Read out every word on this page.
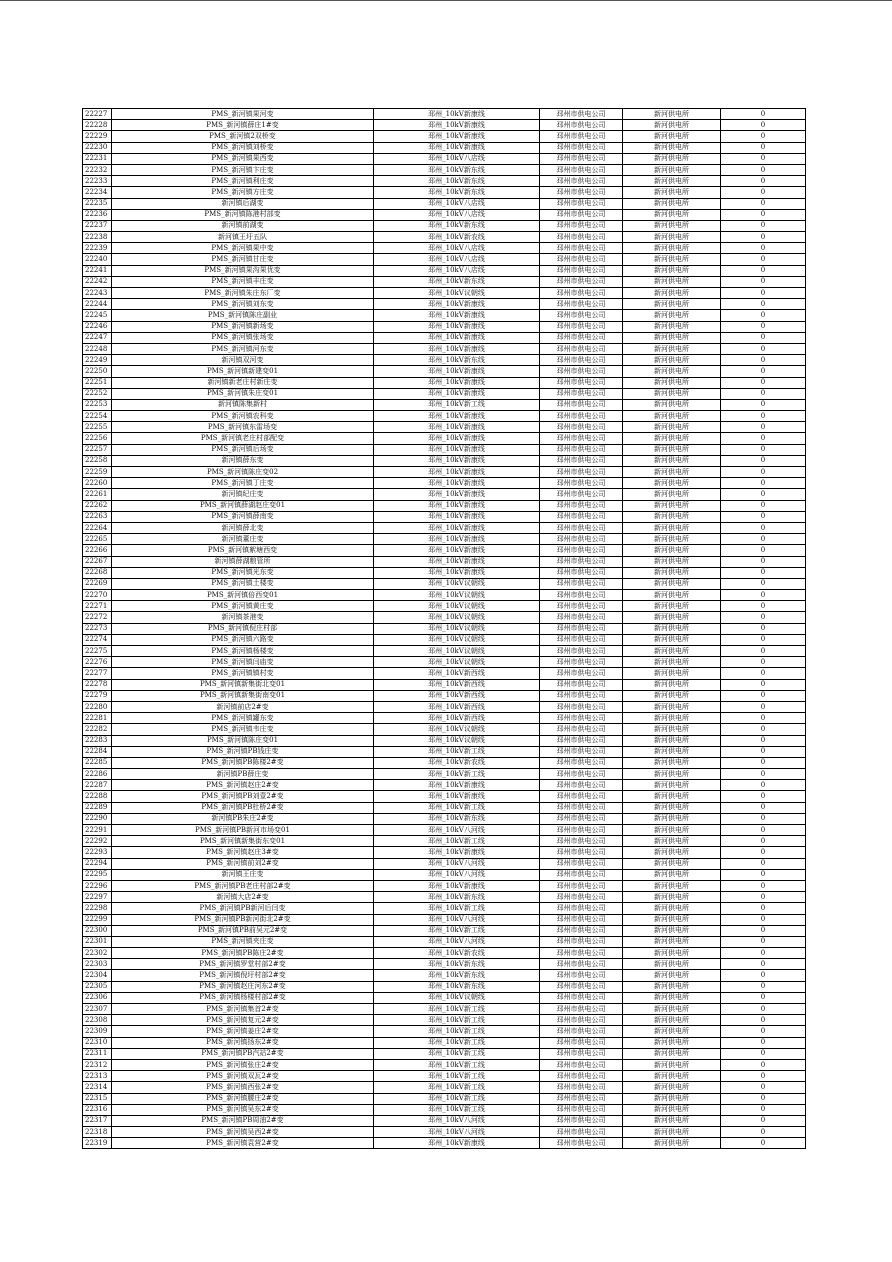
22227	PMS_新河镇果河变	邳州_10kV新康线	邳州市供电公司	新河供电所	0
22228	PMS_新河镇薛庄1#变	邳州_10kV新康线	邳州市供电公司	新河供电所	0
22229	PMS_新河镇2双桥变	邳州_10kV新康线	邳州市供电公司	新河供电所	0
22230	PMS_新河镇刘桥变	邳州_10kV新康线	邳州市供电公司	新河供电所	0
22231	PMS_新河镇果西变	邳州_10kV八店线	邳州市供电公司	新河供电所	0
22232	PMS_新河镇卞庄变	邳州_10kV新东线	邳州市供电公司	新河供电所	0
22233	PMS_新河镇利庄变	邳州_10kV新东线	邳州市供电公司	新河供电所	0
22234	PMS_新河镇方庄变	邳州_10kV新东线	邳州市供电公司	新河供电所	0
22235	新河镇后湖变	邳州_10kV八店线	邳州市供电公司	新河供电所	0
22236	PMS_新河镇陈港村部变	邳州_10kV八店线	邳州市供电公司	新河供电所	0
22237	新河镇前湖变	邳州_10kV新东线	邳州市供电公司	新河供电所	0
22238	新河镇王圩五队	邳州_10kV新农线	邳州市供电公司	新河供电所	0
22239	PMS_新河镇果中变	邳州_10kV八店线	邳州市供电公司	新河供电所	0
22240	PMS_新河镇甘庄变	邳州_10kV八店线	邳州市供电公司	新河供电所	0
22241	PMS_新河镇果沟果优变	邳州_10kV八店线	邳州市供电公司	新河供电所	0
22242	PMS_新河镇丰庄变	邳州_10kV新东线	邳州市供电公司	新河供电所	0
22243	PMS_新河镇朱庄东厂变	邳州_10kV议朝线	邳州市供电公司	新河供电所	0
22244	PMS_新河镇刘东变	邳州_10kV新康线	邳州市供电公司	新河供电所	0
22245	PMS_新河镇陈庄副业	邳州_10kV新康线	邳州市供电公司	新河供电所	0
22246	PMS_新河镇新场变	邳州_10kV新康线	邳州市供电公司	新河供电所	0
22247	PMS_新河镇张场变	邳州_10kV新康线	邳州市供电公司	新河供电所	0
22248	PMS_新河镇河东变	邳州_10kV新康线	邳州市供电公司	新河供电所	0
22249	新河镇双河变	邳州_10kV新东线	邳州市供电公司	新河供电所	0
22250	PMS_新河镇新建变01	邳州_10kV新康线	邳州市供电公司	新河供电所	0
22251	新河镇新老庄村新庄变	邳州_10kV新康线	邳州市供电公司	新河供电所	0
22252	PMS_新河镇朱庄变01	邳州_10kV新康线	邳州市供电公司	新河供电所	0
22253	新河镇陈集新村	邳州_10kV新工线	邳州市供电公司	新河供电所	0
22254	PMS_新河镇农科变	邳州_10kV新康线	邳州市供电公司	新河供电所	0
22255	PMS_新河镇东雷场变	邳州_10kV新康线	邳州市供电公司	新河供电所	0
22256	PMS_新河镇老庄村部配变	邳州_10kV新康线	邳州市供电公司	新河供电所	0
22257	PMS_新河镇后场变	邳州_10kV新康线	邳州市供电公司	新河供电所	0
22258	新河镇薛东变	邳州_10kV新康线	邳州市供电公司	新河供电所	0
22259	PMS_新河镇陈庄变02	邳州_10kV新康线	邳州市供电公司	新河供电所	0
22260	PMS_新河镇丁庄变	邳州_10kV新康线	邳州市供电公司	新河供电所	0
22261	新河镇纪庄变	邳州_10kV新康线	邳州市供电公司	新河供电所	0
22262	PMS_新河镇薛湖赵庄变01	邳州_10kV新康线	邳州市供电公司	新河供电所	0
22263	PMS_新河镇薛南变	邳州_10kV新康线	邳州市供电公司	新河供电所	0
22264	新河镇薛北变	邳州_10kV新康线	邳州市供电公司	新河供电所	0
22265	新河镇董庄变	邳州_10kV新康线	邳州市供电公司	新河供电所	0
22266	PMS_新河镇絮塘西变	邳州_10kV新康线	邳州市供电公司	新河供电所	0
22267	新河镇薛湖粮管所	邳州_10kV新康线	邳州市供电公司	新河供电所	0
22268	PMS_新河镇光东变	邳州_10kV新康线	邳州市供电公司	新河供电所	0
22269	PMS_新河镇土楼变	邳州_10kV议朝线	邳州市供电公司	新河供电所	0
22270	PMS_新河镇倍西变01	邳州_10kV议朝线	邳州市供电公司	新河供电所	0
22271	PMS_新河镇黄庄变	邳州_10kV议朝线	邳州市供电公司	新河供电所	0
22272	新河镇茶港变	邳州_10kV议朝线	邳州市供电公司	新河供电所	0
22273	PMS_新河镇倪庄村部	邳州_10kV议朝线	邳州市供电公司	新河供电所	0
22274	PMS_新河镇六路变	邳州_10kV议朝线	邳州市供电公司	新河供电所	0
22275	PMS_新河镇杨楼变	邳州_10kV议朝线	邳州市供电公司	新河供电所	0
22276	PMS_新河镇闫庙变	邳州_10kV议朝线	邳州市供电公司	新河供电所	0
22277	PMS_新河镇镇村变	邳州_10kV新西线	邳州市供电公司	新河供电所	0
22278	PMS_新河镇新集街北变01	邳州_10kV新西线	邳州市供电公司	新河供电所	0
22279	PMS_新河镇新集街南变01	邳州_10kV新西线	邳州市供电公司	新河供电所	0
22280	新河镇前店2#变	邳州_10kV新西线	邳州市供电公司	新河供电所	0
22281	PMS_新河镇罐东变	邳州_10kV新西线	邳州市供电公司	新河供电所	0
22282	PMS_新河镇韦庄变	邳州_10kV议朝线	邳州市供电公司	新河供电所	0
22283	PMS_新河镇陈庄变01	邳州_10kV议朝线	邳州市供电公司	新河供电所	0
22284	PMS_新河镇PB钱庄变	邳州_10kV新工线	邳州市供电公司	新河供电所	0
22285	PMS_新河镇PB陈楼2#变	邳州_10kV新农线	邳州市供电公司	新河供电所	0
22286	新河镇PB薛庄变	邳州_10kV新工线	邳州市供电公司	新河供电所	0
22287	PMS_新河镇赵庄2#变	邳州_10kV新康线	邳州市供电公司	新河供电所	0
22288	PMS_新河镇PB刘壹2#变	邳州_10kV新康线	邳州市供电公司	新河供电所	0
22289	PMS_新河镇PB杜桥2#变	邳州_10kV新工线	邳州市供电公司	新河供电所	0
22290	新河镇PB朱庄2#变	邳州_10kV新东线	邳州市供电公司	新河供电所	0
22291	PMS_新河镇PB新河市场变01	邳州_10kV八河线	邳州市供电公司	新河供电所	0
22292	PMS_新河镇新集街东变01	邳州_10kV新工线	邳州市供电公司	新河供电所	0
22293	PMS_新河镇赵庄3#变	邳州_10kV新康线	邳州市供电公司	新河供电所	0
22294	PMS_新河镇前刘2#变	邳州_10kV八河线	邳州市供电公司	新河供电所	0
22295	新河镇王庄变	邳州_10kV八河线	邳州市供电公司	新河供电所	0
22296	PMS_新河镇PB老庄村部2#变	邳州_10kV新康线	邳州市供电公司	新河供电所	0
22297	新河镇大店2#变	邳州_10kV新东线	邳州市供电公司	新河供电所	0
22298	PMS_新河镇PB新河后闫变	邳州_10kV新工线	邳州市供电公司	新河供电所	0
22299	PMS_新河镇PB新河街北2#变	邳州_10kV八河线	邳州市供电公司	新河供电所	0
22300	PMS_新河镇PB前吴元2#变	邳州_10kV新工线	邳州市供电公司	新河供电所	0
22301	PMS_新河镇夹庄变	邳州_10kV八河线	邳州市供电公司	新河供电所	0
22302	PMS_新河镇PB陈庄2#变	邳州_10kV新农线	邳州市供电公司	新河供电所	0
22303	PMS_新河镇罗堂村部2#变	邳州_10kV新东线	邳州市供电公司	新河供电所	0
22304	PMS_新河镇倪圩村部2#变	邳州_10kV新东线	邳州市供电公司	新河供电所	0
22305	PMS_新河镇赵庄河东2#变	邳州_10kV新东线	邳州市供电公司	新河供电所	0
22306	PMS_新河镇杨楼村部2#变	邳州_10kV议朝线	邳州市供电公司	新河供电所	0
22307	PMS_新河镇集首2#变	邳州_10kV新工线	邳州市供电公司	新河供电所	0
22308	PMS_新河镇复元2#变	邳州_10kV新工线	邳州市供电公司	新河供电所	0
22309	PMS_新河镇姜庄2#变	邳州_10kV新工线	邳州市供电公司	新河供电所	0
22310	PMS_新河镇扬东2#变	邳州_10kV新工线	邳州市供电公司	新河供电所	0
22311	PMS_新河镇PB汽站2#变	邳州_10kV新工线	邳州市供电公司	新河供电所	0
22312	PMS_新河镇张庄2#变	邳州_10kV新工线	邳州市供电公司	新河供电所	0
22313	PMS_新河镇双瓦2#变	邳州_10kV新工线	邳州市供电公司	新河供电所	0
22314	PMS_新河镇西张2#变	邳州_10kV新工线	邳州市供电公司	新河供电所	0
22315	PMS_新河镇腰庄2#变	邳州_10kV新工线	邳州市供电公司	新河供电所	0
22316	PMS_新河镇吴东2#变	邳州_10kV新工线	邳州市供电公司	新河供电所	0
22317	PMS_新河镇PB周油2#变	邳州_10kV八河线	邳州市供电公司	新河供电所	0
22318	PMS_新河镇吴西2#变	邳州_10kV八河线	邳州市供电公司	新河供电所	0
22319	PMS_新河镇袁营2#变	邳州_10kV新康线	邳州市供电公司	新河供电所	0
